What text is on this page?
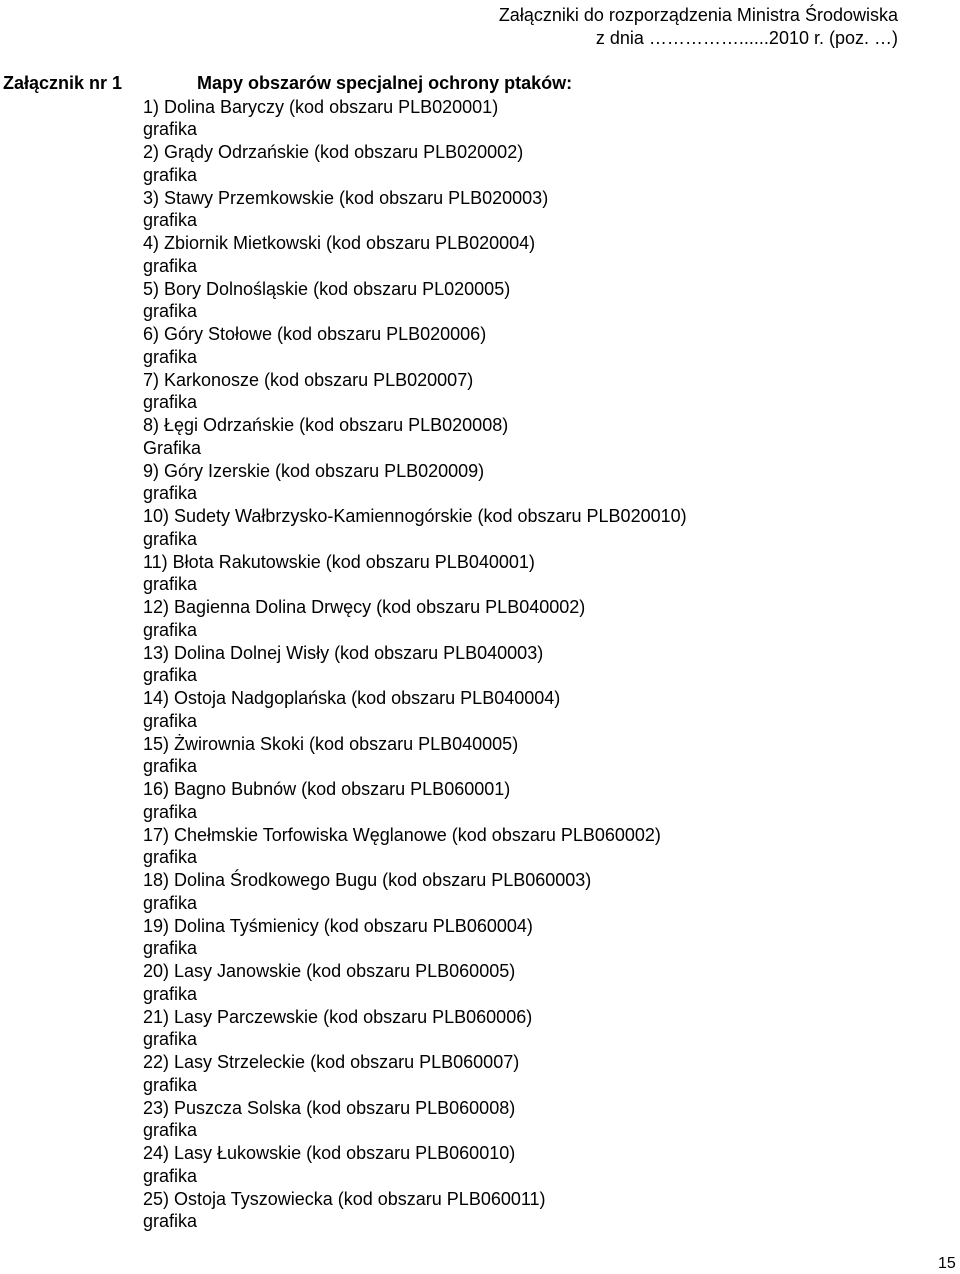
Załączniki do rozporządzenia Ministra Środowiska
z dnia ……………......2010 r. (poz. …)
Załącznik nr 1	Mapy obszarów specjalnej ochrony ptaków:
1) Dolina Baryczy (kod obszaru PLB020001)
grafika
2) Grądy Odrzańskie (kod obszaru PLB020002)
grafika
3) Stawy Przemkowskie (kod obszaru PLB020003)
grafika
4) Zbiornik Mietkowski (kod obszaru PLB020004)
grafika
5) Bory Dolnośląskie (kod obszaru PL020005)
grafika
6) Góry Stołowe (kod obszaru PLB020006)
grafika
7) Karkonosze (kod obszaru PLB020007)
grafika
8) Łęgi Odrzańskie (kod obszaru PLB020008)
Grafika
9) Góry Izerskie (kod obszaru PLB020009)
grafika
10) Sudety Wałbrzysko-Kamiennogórskie (kod obszaru PLB020010)
grafika
11) Błota Rakutowskie (kod obszaru PLB040001)
grafika
12) Bagienna Dolina Drwęcy (kod obszaru PLB040002)
grafika
13) Dolina Dolnej Wisły (kod obszaru PLB040003)
grafika
14) Ostoja Nadgoplańska (kod obszaru PLB040004)
grafika
15) Żwirownia Skoki (kod obszaru PLB040005)
grafika
16) Bagno Bubnów (kod obszaru PLB060001)
grafika
17) Chełmskie Torfowiska Węglanowe (kod obszaru PLB060002)
grafika
18) Dolina Środkowego Bugu (kod obszaru PLB060003)
grafika
19) Dolina Tyśmienicy (kod obszaru PLB060004)
grafika
20) Lasy Janowskie (kod obszaru PLB060005)
grafika
21) Lasy Parczewskie (kod obszaru PLB060006)
grafika
22) Lasy Strzeleckie (kod obszaru PLB060007)
grafika
23) Puszcza Solska (kod obszaru PLB060008)
grafika
24) Lasy Łukowskie (kod obszaru PLB060010)
grafika
25) Ostoja Tyszowiecka (kod obszaru PLB060011)
grafika
15
